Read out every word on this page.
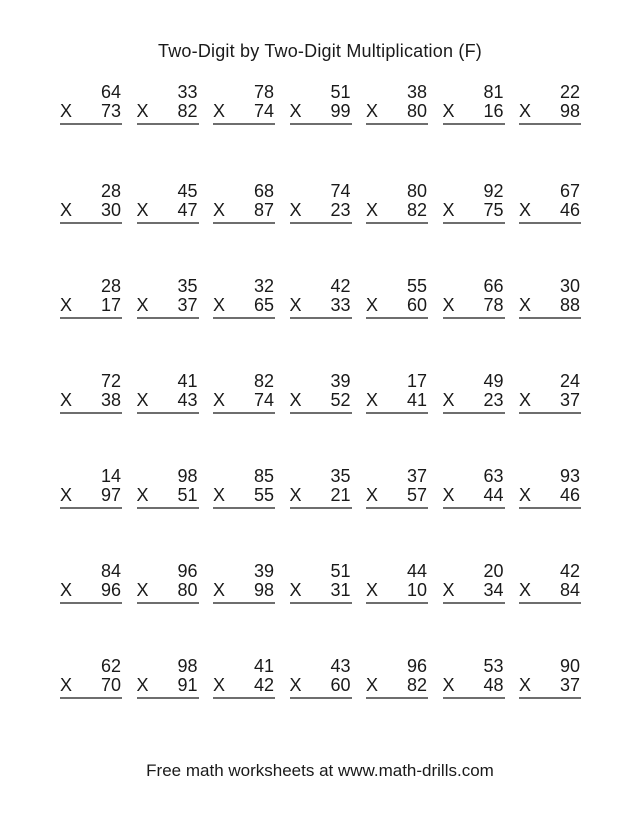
Two-Digit by Two-Digit Multiplication (F)
64
X 73
33
X 82
78
X 74
51
X 99
38
X 80
81
X 16
22
X 98
28
X 30
45
X 47
68
X 87
74
X 23
80
X 82
92
X 75
67
X 46
28
X 17
35
X 37
32
X 65
42
X 33
55
X 60
66
X 78
30
X 88
72
X 38
41
X 43
82
X 74
39
X 52
17
X 41
49
X 23
24
X 37
14
X 97
98
X 51
85
X 55
35
X 21
37
X 57
63
X 44
93
X 46
84
X 96
96
X 80
39
X 98
51
X 31
44
X 10
20
X 34
42
X 84
62
X 70
98
X 91
41
X 42
43
X 60
96
X 82
53
X 48
90
X 37
Free math worksheets at www.math-drills.com
